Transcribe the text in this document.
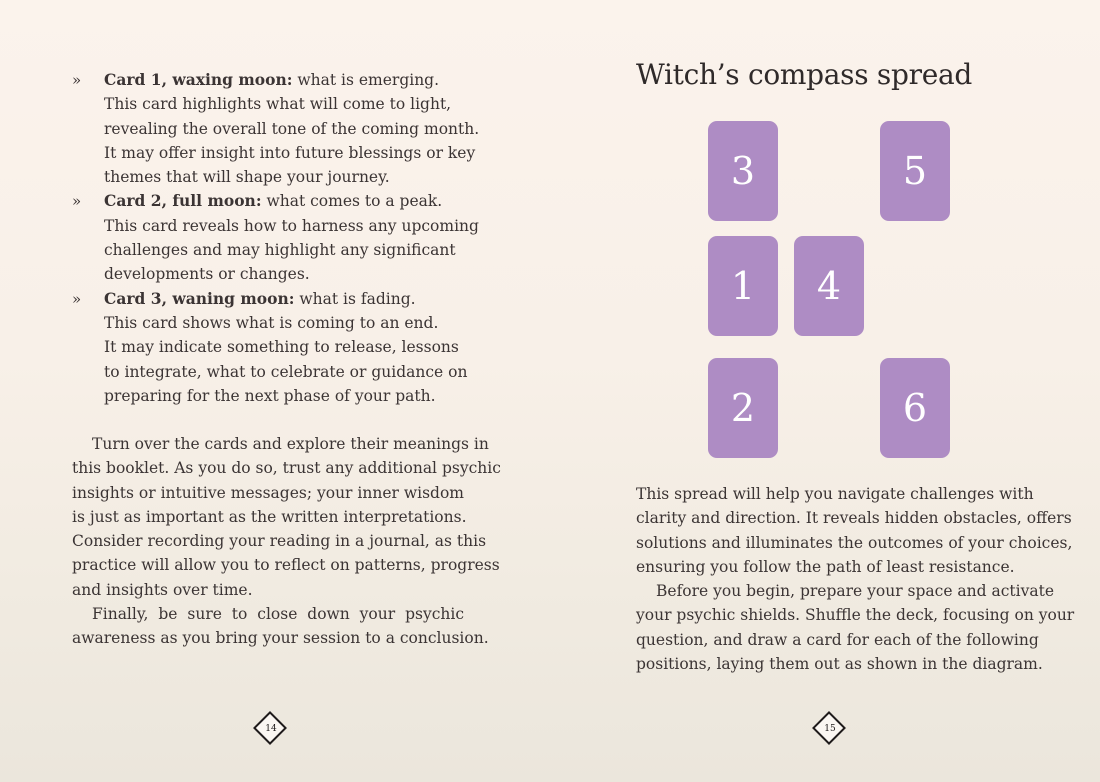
» Card 1, waxing moon: what is emerging.
This card highlights what will come to light,
revealing the overall tone of the coming month.
It may offer insight into future blessings or key
themes that will shape your journey.
» Card 2, full moon: what comes to a peak.
This card reveals how to harness any upcoming
challenges and may highlight any significant
developments or changes.
» Card 3, waning moon: what is fading.
This card shows what is coming to an end.
It may indicate something to release, lessons
to integrate, what to celebrate or guidance on
preparing for the next phase of your path.
Turn over the cards and explore their meanings in
this booklet. As you do so, trust any additional psychic
insights or intuitive messages; your inner wisdom
is just as important as the written interpretations.
Consider recording your reading in a journal, as this
practice will allow you to reflect on patterns, progress
and insights over time.
Finally, be sure to close down your psychic
awareness as you bring your session to a conclusion.
14
Witch’s compass spread
3	5
1	4
2	6
This spread will help you navigate challenges with
clarity and direction. It reveals hidden obstacles, offers
solutions and illuminates the outcomes of your choices,
ensuring you follow the path of least resistance.
Before you begin, prepare your space and activate
your psychic shields. Shuffle the deck, focusing on your
question, and draw a card for each of the following
positions, laying them out as shown in the diagram.
15
